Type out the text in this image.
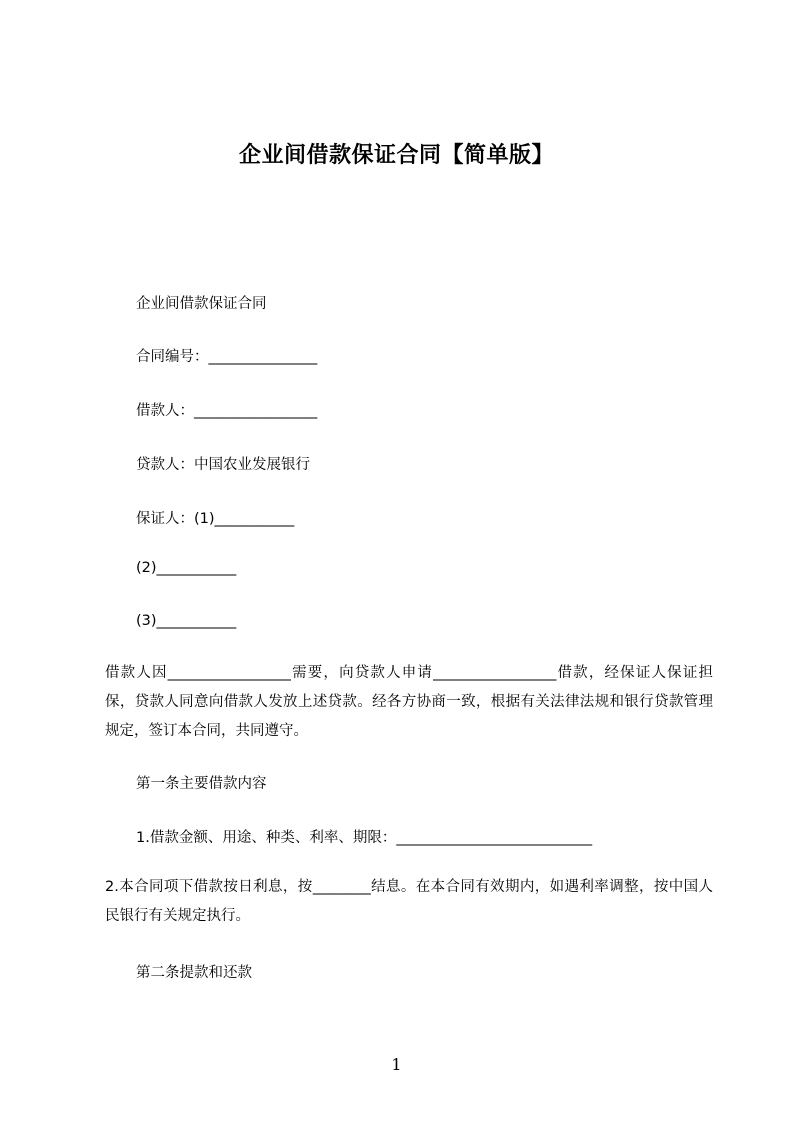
企业间借款保证合同【简单版】
企业间借款保证合同
合同编号：_______________
借款人：_________________
贷款人：中国农业发展银行
保证人：(1)___________
(2)___________
(3)___________
借款人因_________________需要，向贷款人申请_________________借款，经保证人保证担保，贷款人同意向借款人发放上述贷款。经各方协商一致，根据有关法律法规和银行贷款管理规定，签订本合同，共同遵守。
第一条主要借款内容
1.借款金额、用途、种类、利率、期限：___________________________
2.本合同项下借款按日利息，按________结息。在本合同有效期内，如遇利率调整，按中国人民银行有关规定执行。
第二条提款和还款
1
